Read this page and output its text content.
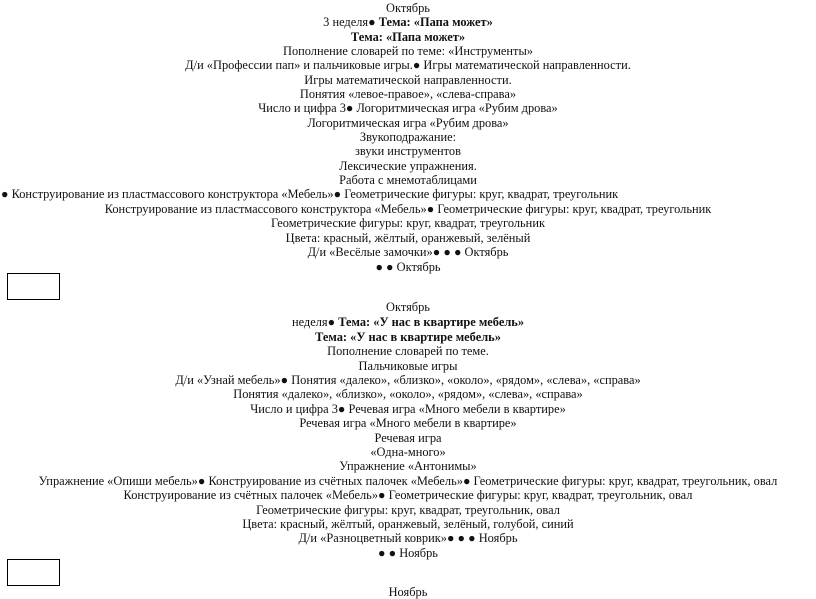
Октябрь
3 неделя● Тема: «Папа может»
Тема: «Папа может»
Пополнение словарей по теме: «Инструменты»
Д/и «Профессии пап» и пальчиковые игры.● Игры математической направленности.
Игры математической направленности.
Понятия «левое-правое», «слева-справа»
Число и цифра 3● Логоритмическая игра «Рубим дрова»
Логоритмическая игра «Рубим дрова»
Звукоподражание:
звуки инструментов
Лексические упражнения.
Работа с мнемотаблицами
● Конструирование из пластмассового конструктора «Мебель»● Геометрические фигуры: круг, квадрат, треугольник
Конструирование из пластмассового конструктора «Мебель»● Геометрические фигуры: круг, квадрат, треугольник
Геометрические фигуры: круг, квадрат, треугольник
Цвета: красный, жёлтый, оранжевый, зелёный
Д/и «Весёлые замочки»● ● ● Октябрь
● ● Октябрь
Октябрь
неделя● Тема: «У нас в квартире мебель»
Тема: «У нас в квартире мебель»
Пополнение словарей по теме.
Пальчиковые игры
Д/и «Узнай мебель»● Понятия «далеко», «близко», «около», «рядом», «слева», «справа»
Понятия «далеко», «близко», «около», «рядом», «слева», «справа»
Число и цифра 3● Речевая игра «Много мебели в квартире»
Речевая игра «Много мебели в квартире»
Речевая игра
«Одна-много»
Упражнение «Антонимы»
Упражнение «Опиши мебель»● Конструирование из счётных палочек «Мебель»● Геометрические фигуры: круг, квадрат, треугольник, овал
Конструирование из счётных палочек «Мебель»● Геометрические фигуры: круг, квадрат, треугольник, овал
Геометрические фигуры: круг, квадрат, треугольник, овал
Цвета: красный, жёлтый, оранжевый, зелёный, голубой, синий
Д/и «Разноцветный коврик»● ● ● Ноябрь
● ● Ноябрь
Ноябрь
